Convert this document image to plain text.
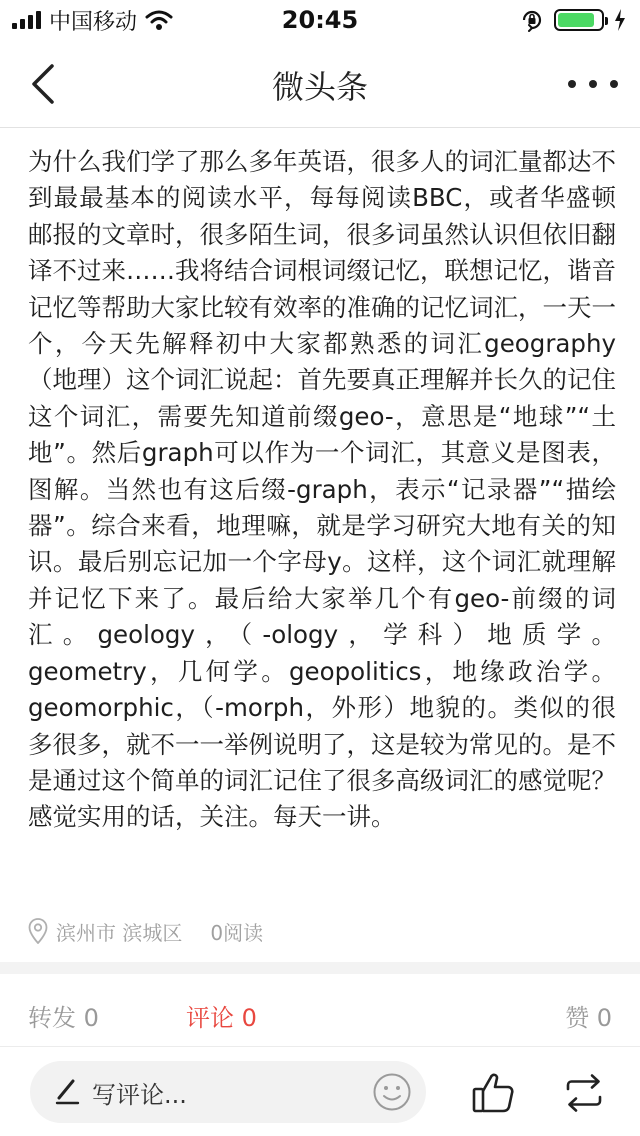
中国移动	20:45
微头条
为什么我们学了那么多年英语，很多人的词汇量都达不到最最基本的阅读水平，每每阅读BBC，或者华盛顿邮报的文章时，很多陌生词，很多词虽然认识但依旧翻译不过来……我将结合词根词缀记忆，联想记忆，谐音记忆等帮助大家比较有效率的准确的记忆词汇，一天一个，今天先解释初中大家都熟悉的词汇geography（地理）这个词汇说起：首先要真正理解并长久的记住这个词汇，需要先知道前缀geo-，意思是“地球”“土地”。然后graph可以作为一个词汇，其意义是图表，图解。当然也有这后缀-graph，表示“记录器”“描绘器”。综合来看，地理嘛，就是学习研究大地有关的知识。最后别忘记加一个字母y。这样，这个词汇就理解并记忆下来了。最后给大家举几个有geo-前缀的词汇。geology，（-ology，学科）地质学。geometry，几何学。geopolitics，地缘政治学。geomorphic，（-morph，外形）地貌的。类似的很多很多，就不一一举例说明了，这是较为常见的。是不是通过这个简单的词汇记住了很多高级词汇的感觉呢？感觉实用的话，关注。每天一讲。
滨州市 滨城区 0阅读
转发 0	评论 0	赞 0
写评论...
